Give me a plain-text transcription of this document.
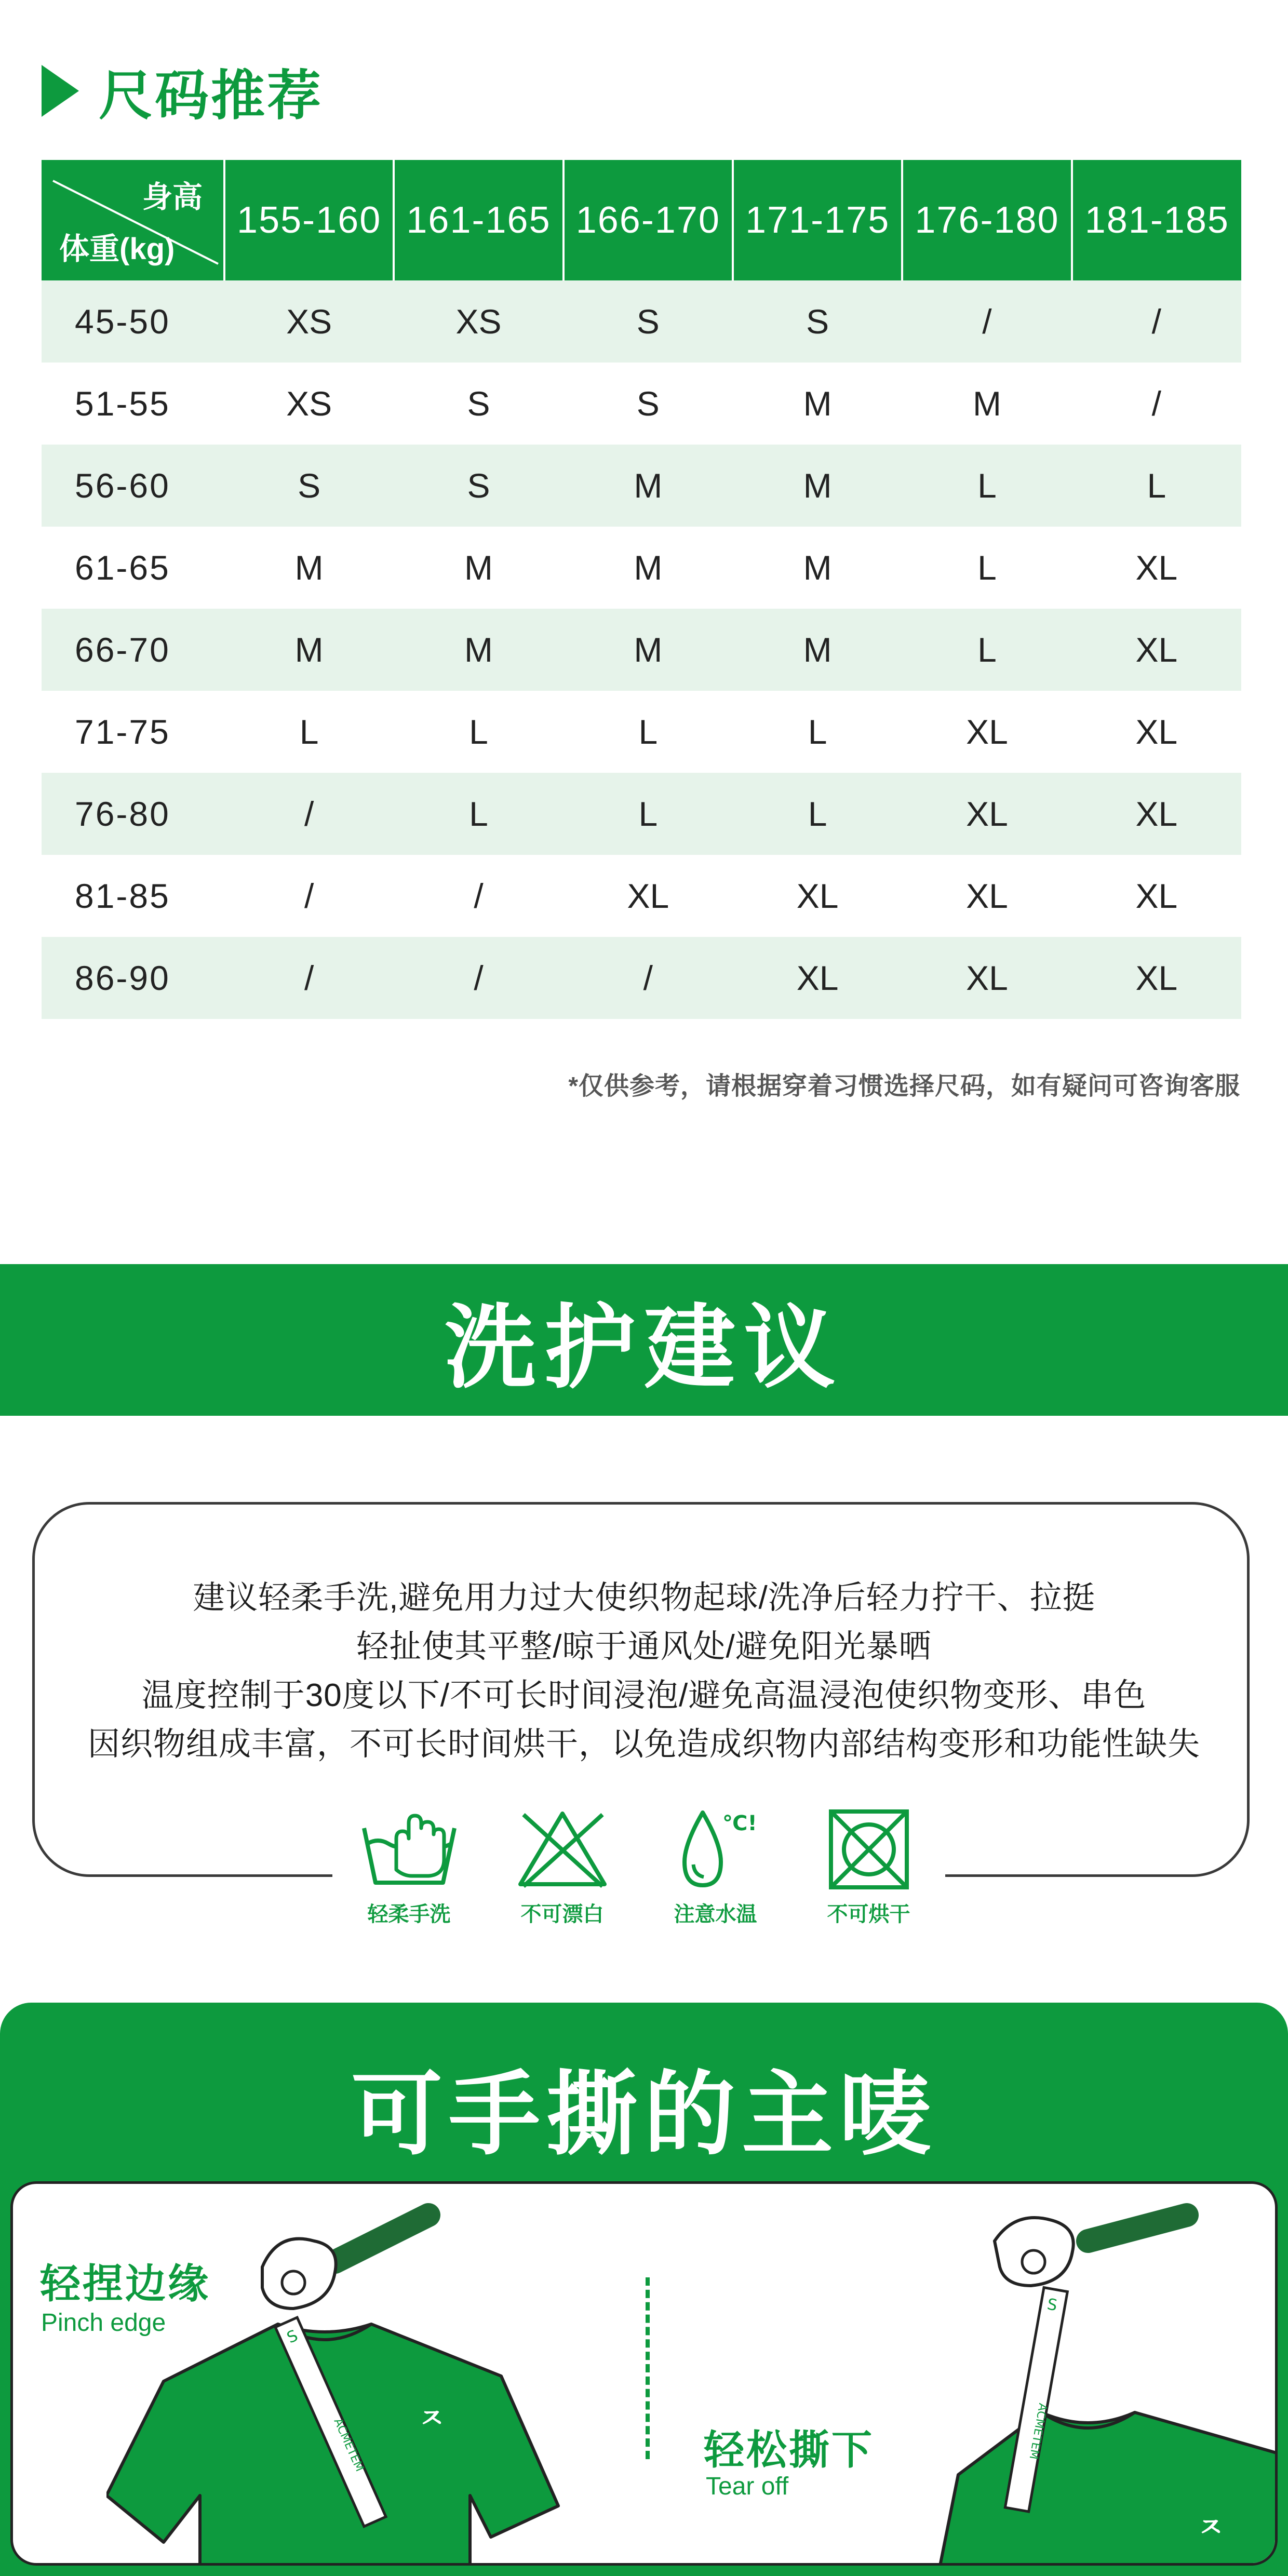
尺码推荐
身高
体重(kg)	155-160	161-165	166-170	171-175	176-180	181-185
45-50	XS	XS	S	S	/	/
51-55	XS	S	S	M	M	/
56-60	S	S	M	M	L	L
61-65	M	M	M	M	L	XL
66-70	M	M	M	M	L	XL
71-75	L	L	L	L	XL	XL
76-80	/	L	L	L	XL	XL
81-85	/	/	XL	XL	XL	XL
86-90	/	/	/	XL	XL	XL
*仅供参考，请根据穿着习惯选择尺码，如有疑问可咨询客服
洗护建议
建议轻柔手洗,避免用力过大使织物起球/洗净后轻力拧干、拉挺
轻扯使其平整/晾于通风处/避免阳光暴晒
温度控制于30度以下/不可长时间浸泡/避免高温浸泡使织物变形、串色
因织物组成丰富，不可长时间烘干，以免造成织物内部结构变形和功能性缺失
轻柔手洗	不可漂白
℃!
注意水温	不可烘干
可手撕的主唛
轻捏边缘
Pinch edge
S
ACMETEM ㅈ
轻松撕下
Tear off
S
ACMETEM
ㅈ
